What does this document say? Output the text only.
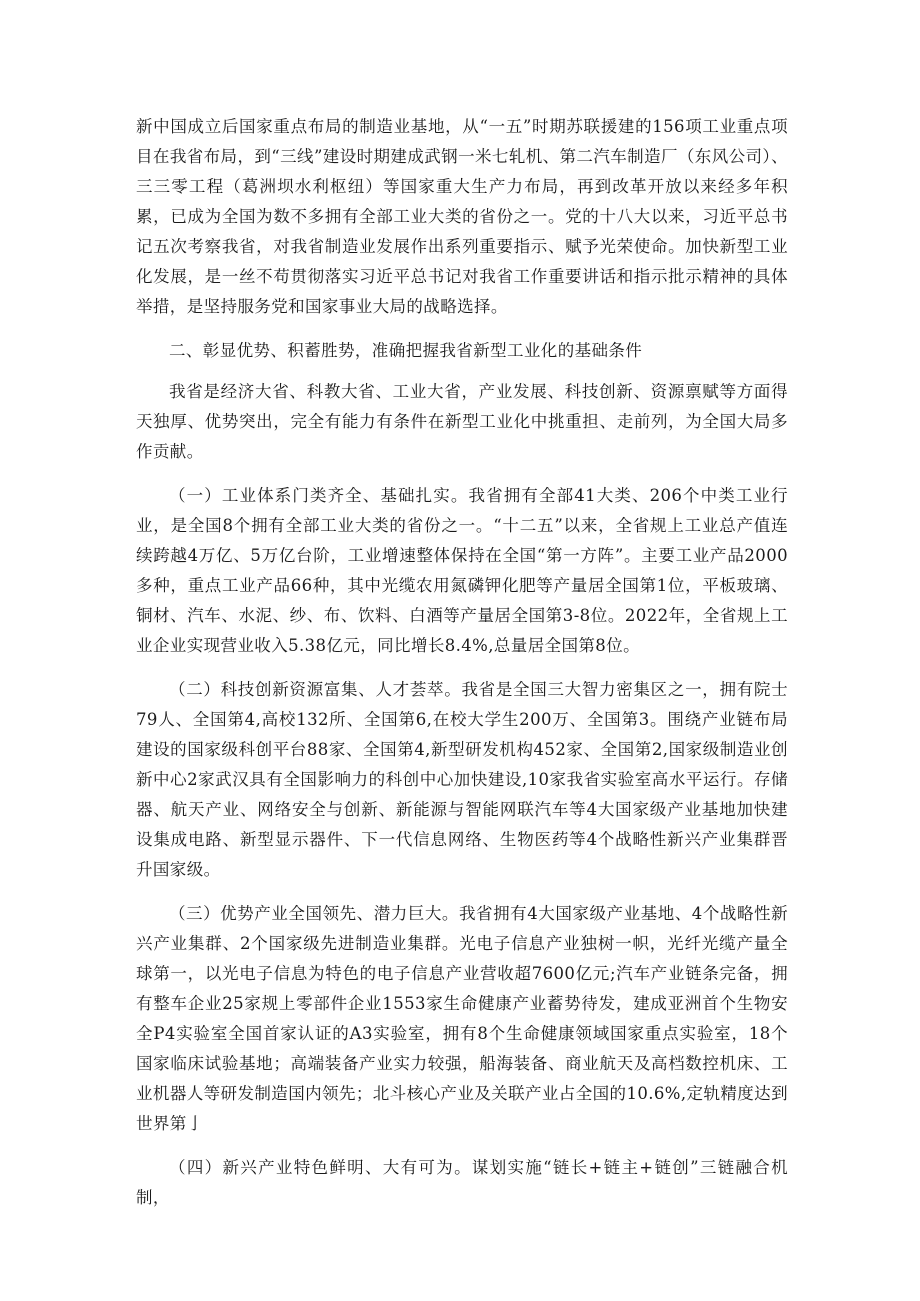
新中国成立后国家重点布局的制造业基地，从“一五”时期苏联援建的156项工业重点项目在我省布局，到“三线”建设时期建成武钢一米七轧机、第二汽车制造厂（东风公司）、三三零工程（葛洲坝水利枢纽）等国家重大生产力布局，再到改革开放以来经多年积累，已成为全国为数不多拥有全部工业大类的省份之一。党的十八大以来，习近平总书记五次考察我省，对我省制造业发展作出系列重要指示、赋予光荣使命。加快新型工业化发展，是一丝不苟贯彻落实习近平总书记对我省工作重要讲话和指示批示精神的具体举措，是坚持服务党和国家事业大局的战略选择。

二、彰显优势、积蓄胜势，准确把握我省新型工业化的基础条件

我省是经济大省、科教大省、工业大省，产业发展、科技创新、资源禀赋等方面得天独厚、优势突出，完全有能力有条件在新型工业化中挑重担、走前列，为全国大局多作贡献。

（一）工业体系门类齐全、基础扎实。我省拥有全部41大类、206个中类工业行业，是全国8个拥有全部工业大类的省份之一。“十二五”以来，全省规上工业总产值连续跨越4万亿、5万亿台阶，工业增速整体保持在全国“第一方阵”。主要工业产品2000多种，重点工业产品66种，其中光缆农用氮磷钾化肥等产量居全国第1位，平板玻璃、铜材、汽车、水泥、纱、布、饮料、白酒等产量居全国第3-8位。2022年，全省规上工业企业实现营业收入5.38亿元，同比增长8.4%,总量居全国第8位。

（二）科技创新资源富集、人才荟萃。我省是全国三大智力密集区之一，拥有院士79人、全国第4,高校132所、全国第6,在校大学生200万、全国第3。围绕产业链布局建设的国家级科创平台88家、全国第4,新型研发机构452家、全国第2,国家级制造业创新中心2家武汉具有全国影响力的科创中心加快建设,10家我省实验室高水平运行。存储器、航天产业、网络安全与创新、新能源与智能网联汽车等4大国家级产业基地加快建设集成电路、新型显示器件、下一代信息网络、生物医药等4个战略性新兴产业集群晋升国家级。

（三）优势产业全国领先、潜力巨大。我省拥有4大国家级产业基地、4个战略性新兴产业集群、2个国家级先进制造业集群。光电子信息产业独树一帜，光纤光缆产量全球第一，以光电子信息为特色的电子信息产业营收超7600亿元;汽车产业链条完备，拥有整车企业25家规上零部件企业1553家生命健康产业蓄势待发，建成亚洲首个生物安全P4实验室全国首家认证的A3实验室，拥有8个生命健康领域国家重点实验室，18个国家临床试验基地；高端装备产业实力较强，船海装备、商业航天及高档数控机床、工业机器人等研发制造国内领先；北斗核心产业及关联产业占全国的10.6%,定轨精度达到世界第亅

（四）新兴产业特色鲜明、大有可为。谋划实施“链长+链主+链创”三链融合机制，
